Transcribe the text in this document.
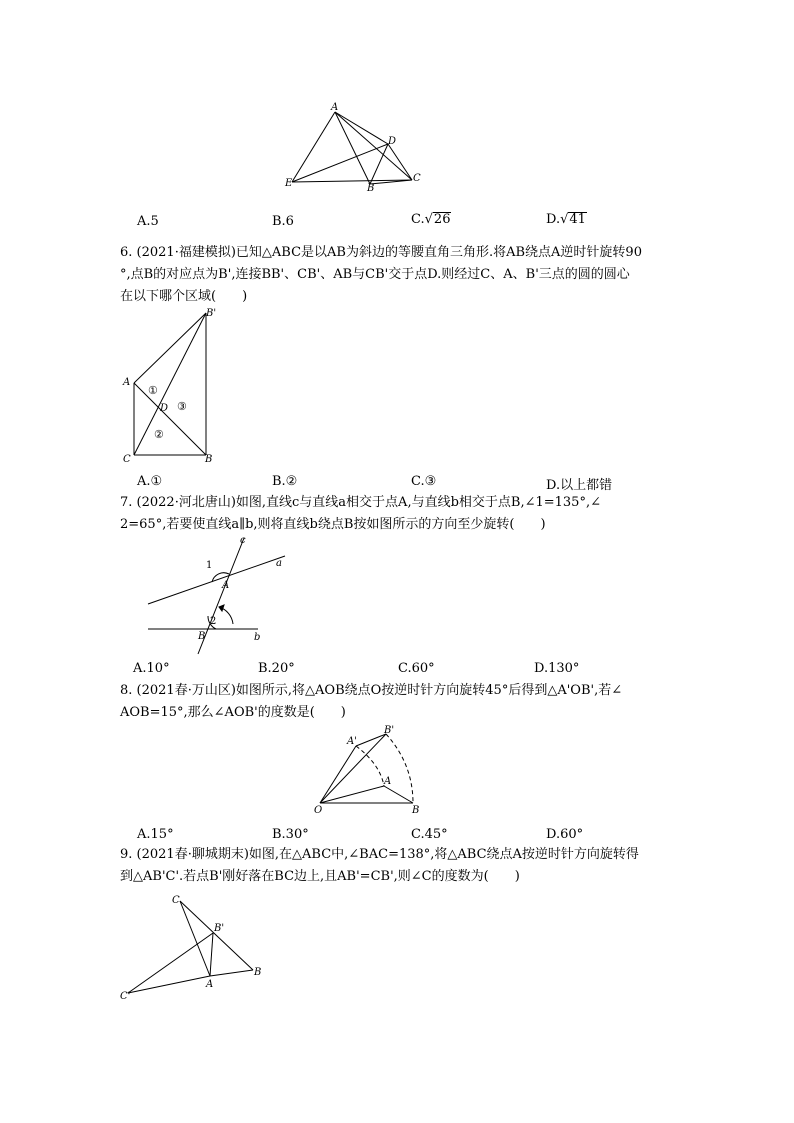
A
D
E	B
C
A.5	B.6	C.√26	D.√41
6. (2021·福建模拟)已知△ABC是以AB为斜边的等腰直角三角形.将AB绕点A逆时针旋转90
°,点B的对应点为B',连接BB'、CB'、AB与CB'交于点D.则经过C、A、B'三点的圆的圆心
在以下哪个区域(　　)
B'
A
C	B
D
①
③
②
A.①	B.②	C.③	D.以上都错
7. (2022·河北唐山)如图,直线c与直线a相交于点A,与直线b相交于点B,∠1=135°,∠
2=65°,若要使直线a∥b,则将直线b绕点B按如图所示的方向至少旋转(　　)
c
a
b
A
B
1
2
A.10°	B.20°	C.60°	D.130°
8. (2021春·万山区)如图所示,将△AOB绕点O按逆时针方向旋转45°后得到△A'OB',若∠
AOB=15°,那么∠AOB'的度数是(　　)
A'
B'
A
O	B
A.15°	B.30°	C.45°	D.60°
9. (2021春·聊城期末)如图,在△ABC中,∠BAC=138°,将△ABC绕点A按逆时针方向旋转得
到△AB'C'.若点B'刚好落在BC边上,且AB'=CB',则∠C的度数为(　　)
C
B'
B
A
C'
